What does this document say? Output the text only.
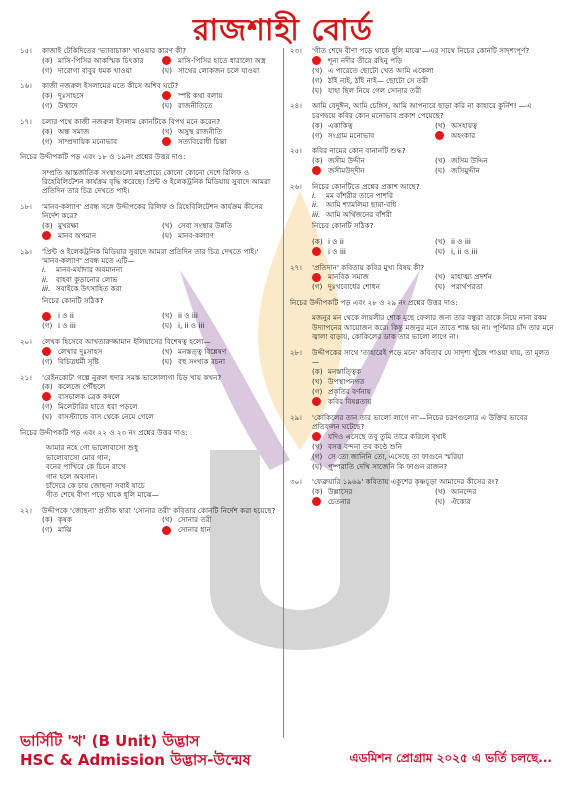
রাজশাহী বোর্ড
১৫।	কাজাই টেকিদিতের 'ভ্যাবাচাকা' খাওয়ার কারণ কী?
(ক) মাসি-পিসির আকস্মিক চিৎকার	মাসি-পিসির হাতে ধারালো অস্ত্র
(গ) দারোগা বাবুর ধমক খাওয়া	(ঘ) সাথের লোকজন চলে যাওয়া
১৬।	কাজী নজরুল ইসলামের মতে কীসে অশিব ঘটে?
(ক) দুঃসাহসে	স্পষ্ট কথা বলায়
(গ) উন্মাদে	(ঘ) রাজনীতিতে
১৭।	চলার পথে কাজী নজরুল ইসলাম কোনটিকে বিপথ মনে করেন?
(ক) অন্ধ সমাজ	(খ) অসুস্থ রাজনীতি
(গ) সাম্প্রদায়িক মনোভাব	সত্যবিরোধী চিন্তা
নিচের উদ্দীপকটি পড় এবং ১৮ ও ১৯নং প্রশ্নের উত্তর দাও:
সম্প্রতি আন্তর্জাতিক সংস্থাগুলো মধ্যপ্রাচ্যে কোনো কোনো দেশে রিলিফ ও রিহেবিলিটেশন কার্যক্রম বৃদ্ধি করেছে। প্রিন্ট ও ইলেকট্রনিক মিডিয়ায় সুবাদে আমরা প্রতিদিন তার চিত্র দেখতে পাই।
১৮।	'মানব-কল্যাণ' প্রবন্ধ সঙ্গে উদ্দীপকের রিলিফ ও রিহেবিলিটেশন কার্যক্রম কীসের নির্দেশ করে?
(ক) মুখরক্ষা	(খ) সেবা সংস্থার উন্নতি
মানব অপমান	(ঘ) মানব-কল্যাণ
১৯।	'প্রিন্ট ও ইলেকট্রনিক মিডিয়ার সুবাদে আমরা প্রতিদিন তার চিত্র দেখতে পাই।' 'মানব-কল্যাণ' প্রবন্ধ মতে এটি—
i.	মানব-মর্যাদার অবমাননা
ii.	বাহবা কুড়ানোর লোভ
iii. সবাইকে উৎসাহিত করা
নিচের কোনটি সঠিক?
i ও ii	(খ) ii ও iii
(গ) i ও iii	(ঘ) i, ii ও iii
২০।	লেখক হিসেবে আখতারুজ্জামান ইলিয়াসের বিশেষত্ব হলো—
লেখার দুঃসাহস	(খ) মনস্তত্ত্ব বিশ্লেষণ
(গ) বিচিত্রধর্মী সৃষ্টি	(ঘ) বহু সংখ্যক রচনা
২১।	'রেইনকোট' গল্পে নুরুল হুদার সমস্ত ভালোলাগা চিড় খায় কখন?
(ক) কলেজে পৌঁছলে
বাসচালক ব্রেক কষলে
(গ) মিলেটারির হাতে ধরা পড়লে
(ঘ) বাসস্ট্যান্ডে বাস থেকে নেমে গেলে
নিচের উদ্দীপকটি পড় এবং ২২ ও ২৩ নং প্রশ্নের উত্তর দাও:
আমার নহে গো ভালোবাসো শুধু
ভালোবাসো মোর গান,
বনের পাখিরে কে চিনে রাখে
গান হলে অবসান।
চাঁদেরে কে চায় জোছনা সবাই যাচে
গীত শেষে বীণা পড়ে থাকে ধূলি মাঝে—
২২।	উদ্দীপকে 'জোছনা' প্রতীক দ্বারা 'সোনার তরী' কবিতার কোনটি নির্দেশ করা হয়েছে?
(ক) কৃষক	(খ) সোনার তরী
(গ) মাঝি	সোনার ধান
২৩।	'গীত শেষে বীণা পড়ে থাকে ধূলি মাঝে'—এর সাথে নিচের কোনটি সাদৃশ্যপূর্ণ?
শূন্য নদীর তীরে রহিনু পড়ি
(খ) এ পারেতে ছোটো খেত আমি একেলা
(গ) ঠাঁই নাই, ঠাঁই নাই— ছোটো সে তরী
(ঘ) যাহা ছিল নিয়ে গেল সোনার তরী
২৪।	আমি বেদুঈন, আমি চেঙ্গিস, আমি আপনারে ছাড়া করি না কাহারে কুর্নিশ! —এ চরণদ্বয়ে কবির কোন মনোভাব প্রকাশ পেয়েছে?
(ক) একাকিত্ব	(খ) অসহায়ত্ব
(গ) সংগ্রাম মনোভাব	অহংকার
২৫।	কবির নামের কোন বানানটি শুদ্ধ?
(ক) জসীম উদ্দীন	(খ) জসিম উদ্দিন
জসীমউদ্‌দীন	(ঘ) জসিমুদ্দীন
২৬।	নিচের কোনটিতে প্রশ্নের প্রকাশ আছে?
i.	মম বাঁশরীর তানে পাশরি
ii.	আমি শ্যামলিমা ছায়া-বধি
iii. আমি অর্থিজনের বাঁশরী
নিচের কোনটি সঠিক?
(ক) i ও ii	(খ) ii ও iii
i ও iii	(ঘ) i, ii ও iii
২৭।	'প্রতিদান' কবিতায় কবির মুখ্য বিষয় কী?
মানবিক সমাজ	(খ) মাহাত্ম্য প্রদর্শন
(গ) দুঃখবোধের শোধন	(ঘ) পরার্থপরতা
নিচের উদ্দীপকটি পড় এবং ২৮ ও ২৯ নং প্রশ্নের উত্তর দাও:
মজনুর মন থেকে লায়লীর শোক মুছে ফেলার জন্য তার বন্ধুরা তাকে নিয়ে নানা রকম উদ্যাপনের আয়োজন করে। কিন্তু মজনুর মনে তাতে শান্ত হয় না। পূর্ণিমার চাঁদ তার মনে জ্বালা বাড়ায়, কোকিলের ডাক তার ভালো লাগে না।
২৮।	উদ্দীপকের সাথে 'তাহারেই পড়ে মনে' কবিতার যে সাদৃশ্য খুঁজে পাওয়া যায়, তা মূলত—
(ক) মনস্তাত্ত্বিক
(খ) উপস্থাপনগত
(গ) প্রকৃতির বর্ণনায়
কবির বিষণ্ণতায়
২৯।	'কোকিলের তান তার ভালো লাগে না'—নিচের চরণগুলোর এ উক্তির ভাবের প্রতিফলন ঘটেছে?
যদিও এসেছে তবু তুমি তারে করিলে বৃথাই
(খ) বসত্ত বন্দনা তব কণ্ঠে শুনি
(গ) সে তো জানিনি তো, এসেছে তা ফাগুনে স্মরিয়া
(ঘ) পুষ্পরাতি দেখি সাজেনি কি ফাগুন রাজন?
৩০।	'ফেব্রুয়ারি ১৯৬৯' কবিতায় একুশের কৃষ্ণচূড়া আমাদের কীসের রং?
(ক) উল্লাসের	(খ) আনন্দের
চেতনার	(ঘ) ঐক্যের
ভার্সিটি 'খ' (B Unit) উদ্ভাস
HSC & Admission উদ্ভাস-উন্মেষ	এডমিশন প্রোগ্রাম ২০২৫ এ ভর্তি চলছে...
